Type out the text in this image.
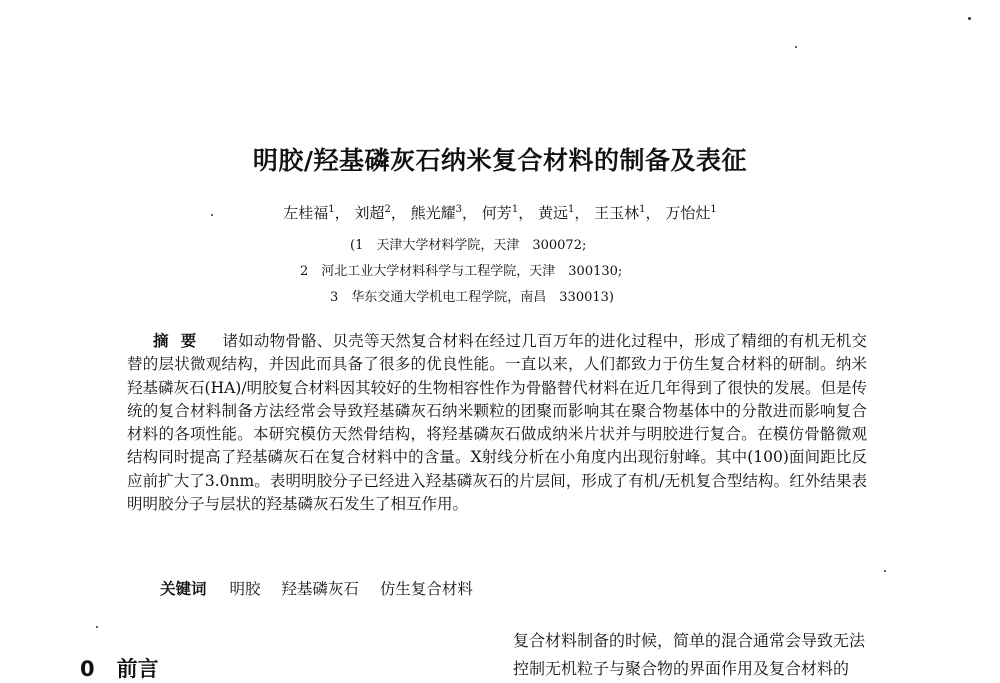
明胶/羟基磷灰石纳米复合材料的制备及表征
左桂福$^1$， 刘超$^2$， 熊光耀$^3$， 何芳$^1$， 黄远$^1$， 王玉林$^1$， 万怡灶$^1$
(1　天津大学材料学院，天津　300072;
2　河北工业大学材料科学与工程学院，天津　300130;
3　华东交通大学机电工程学院，南昌　330013)
摘要 诸如动物骨骼、贝壳等天然复合材料在经过几百万年的进化过程中，形成了精细的有机无机交替的层状微观结构，并因此而具备了很多的优良性能。一直以来，人们都致力于仿生复合材料的研制。纳米羟基磷灰石(HA)/明胶复合材料因其较好的生物相容性作为骨骼替代材料在近几年得到了很快的发展。但是传统的复合材料制备方法经常会导致羟基磷灰石纳米颗粒的团聚而影响其在聚合物基体中的分散进而影响复合材料的各项性能。本研究模仿天然骨结构，将羟基磷灰石做成纳米片状并与明胶进行复合。在模仿骨骼微观结构同时提高了羟基磷灰石在复合材料中的含量。X射线分析在小角度内出现衍射峰。其中(100)面间距比反应前扩大了3.0nm。表明明胶分子已经进入羟基磷灰石的片层间，形成了有机/无机复合型结构。红外结果表明明胶分子与层状的羟基磷灰石发生了相互作用。
关键词 明胶 羟基磷灰石 仿生复合材料
0 前言
复合材料制备的时候，简单的混合通常会导致无法
控制无机粒子与聚合物的界面作用及复合材料的
